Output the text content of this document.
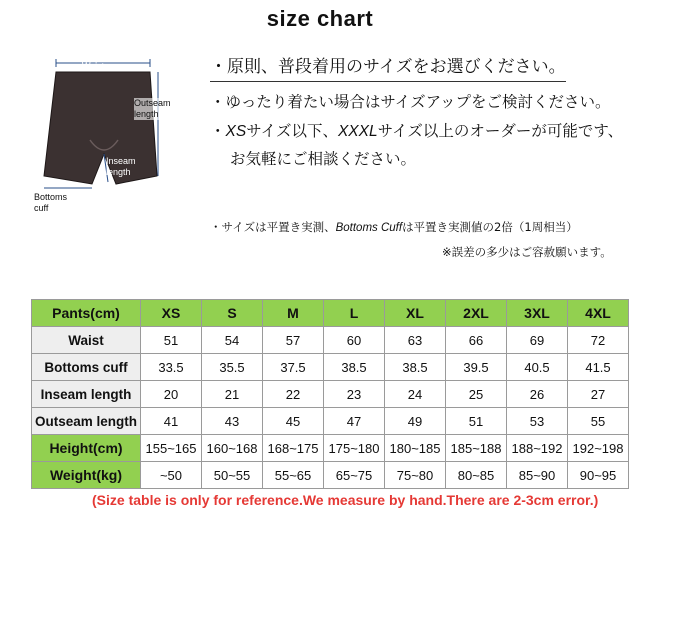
size chart
Waist
Outseam length
Inseam length
Bottoms cuff
・原則、普段着用のサイズをお選びください。
・ゆったり着たい場合はサイズアップをご検討ください。
・XSサイズ以下、XXXLサイズ以上のオーダーが可能です、
お気軽にご相談ください。
・サイズは平置き実測、Bottoms Cuffは平置き実測値の2倍（1周相当）
※誤差の多少はご容赦願います。
Pants(cm)	XS	S	M	L	XL	2XL	3XL	4XL
Waist	51	54	57	60	63	66	69	72
Bottoms cuff	33.5	35.5	37.5	38.5	38.5	39.5	40.5	41.5
Inseam length	20	21	22	23	24	25	26	27
Outseam length	41	43	45	47	49	51	53	55
Height(cm)	155~165	160~168	168~175	175~180	180~185	185~188	188~192	192~198
Weight(kg)	~50	50~55	55~65	65~75	75~80	80~85	85~90	90~95
(Size table is only for reference.We measure by hand.There are 2-3cm error.)
